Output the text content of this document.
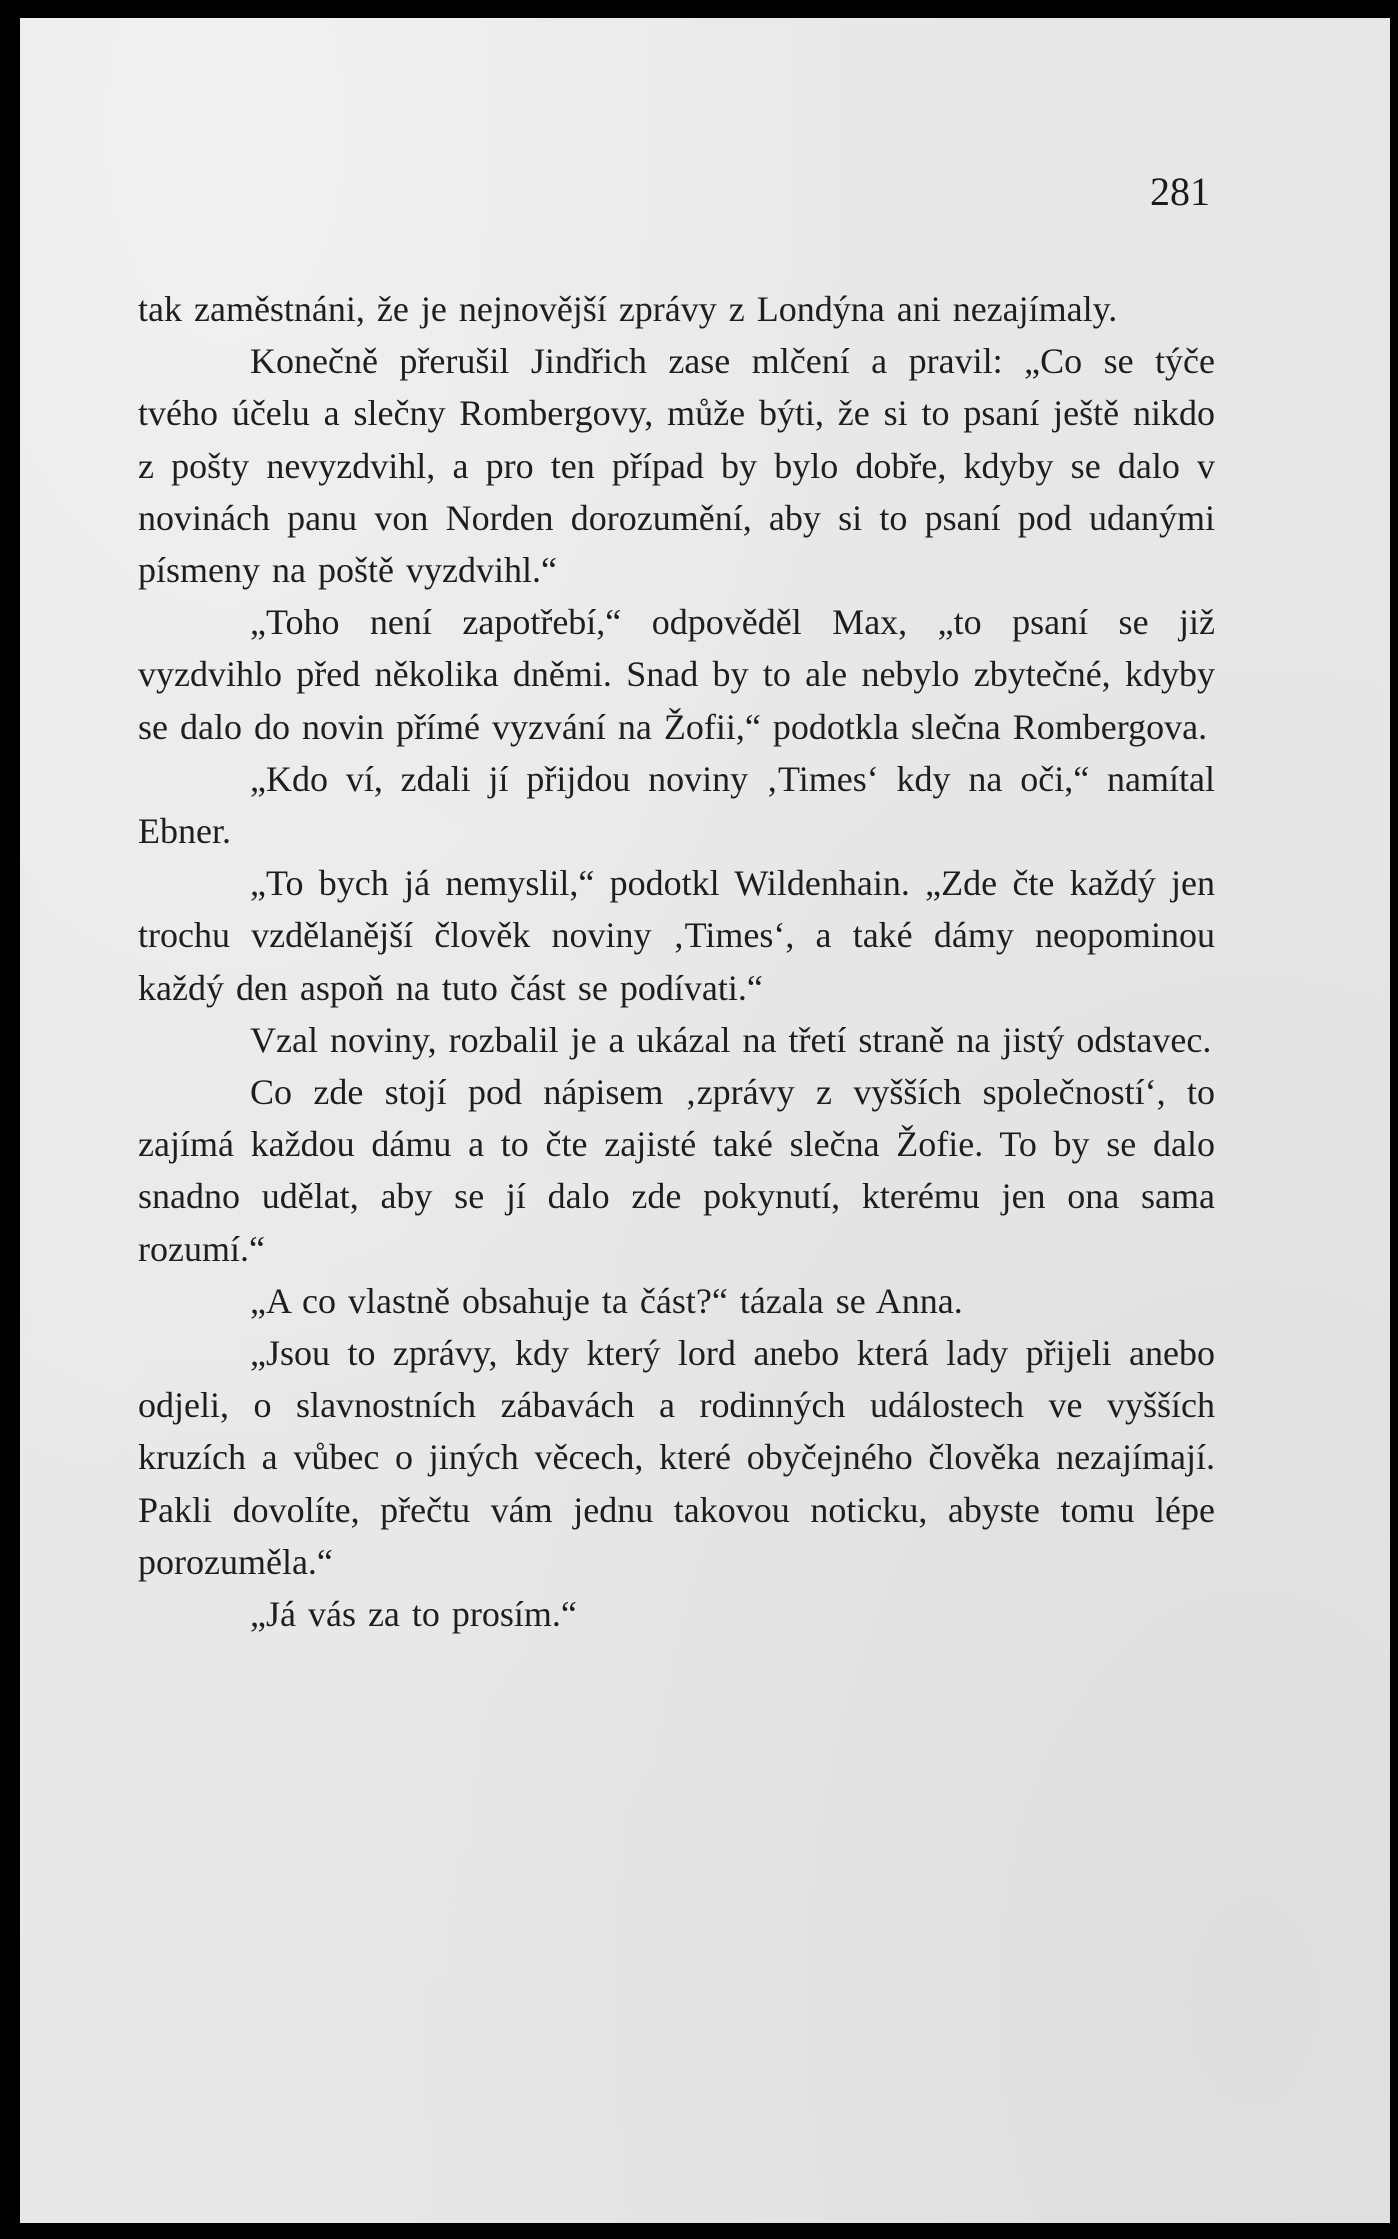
281

tak zaměstnáni, že je nejnovější zprávy z Londýna ani nezajímaly.

Konečně přerušil Jindřich zase mlčení a pravil: „Co se týče tvého účelu a slečny Rombergovy, může býti, že si to psaní ještě nikdo z pošty nevyzdvihl, a pro ten případ by bylo dobře, kdyby se dalo v novinách panu von Norden dorozumění, aby si to psaní pod udanými písmeny na poště vyzdvihl.“

„Toho není zapotřebí,“ odpověděl Max, „to psaní se již vyzdvihlo před několika dněmi. Snad by to ale nebylo zbytečné, kdyby se dalo do novin přímé vyzvání na Žofii,“ podotkla slečna Rombergova.

„Kdo ví, zdali jí přijdou noviny ‚Times‘ kdy na oči,“ namítal Ebner.

„To bych já nemyslil,“ podotkl Wildenhain. „Zde čte každý jen trochu vzdělanější člověk noviny ‚Times‘, a také dámy neopominou každý den aspoň na tuto část se podívati.“

Vzal noviny, rozbalil je a ukázal na třetí straně na jistý odstavec.

Co zde stojí pod nápisem ‚zprávy z vyšších společností‘, to zajímá každou dámu a to čte zajisté také slečna Žofie. To by se dalo snadno udělat, aby se jí dalo zde pokynutí, kterému jen ona sama rozumí.“

„A co vlastně obsahuje ta část?“ tázala se Anna.

„Jsou to zprávy, kdy který lord anebo která lady přijeli anebo odjeli, o slavnostních zábavách a rodinných událostech ve vyšších kruzích a vůbec o jiných věcech, které obyčejného člověka nezajímají. Pakli dovolíte, přečtu vám jednu takovou noticku, abyste tomu lépe porozuměla.“

„Já vás za to prosím.“
